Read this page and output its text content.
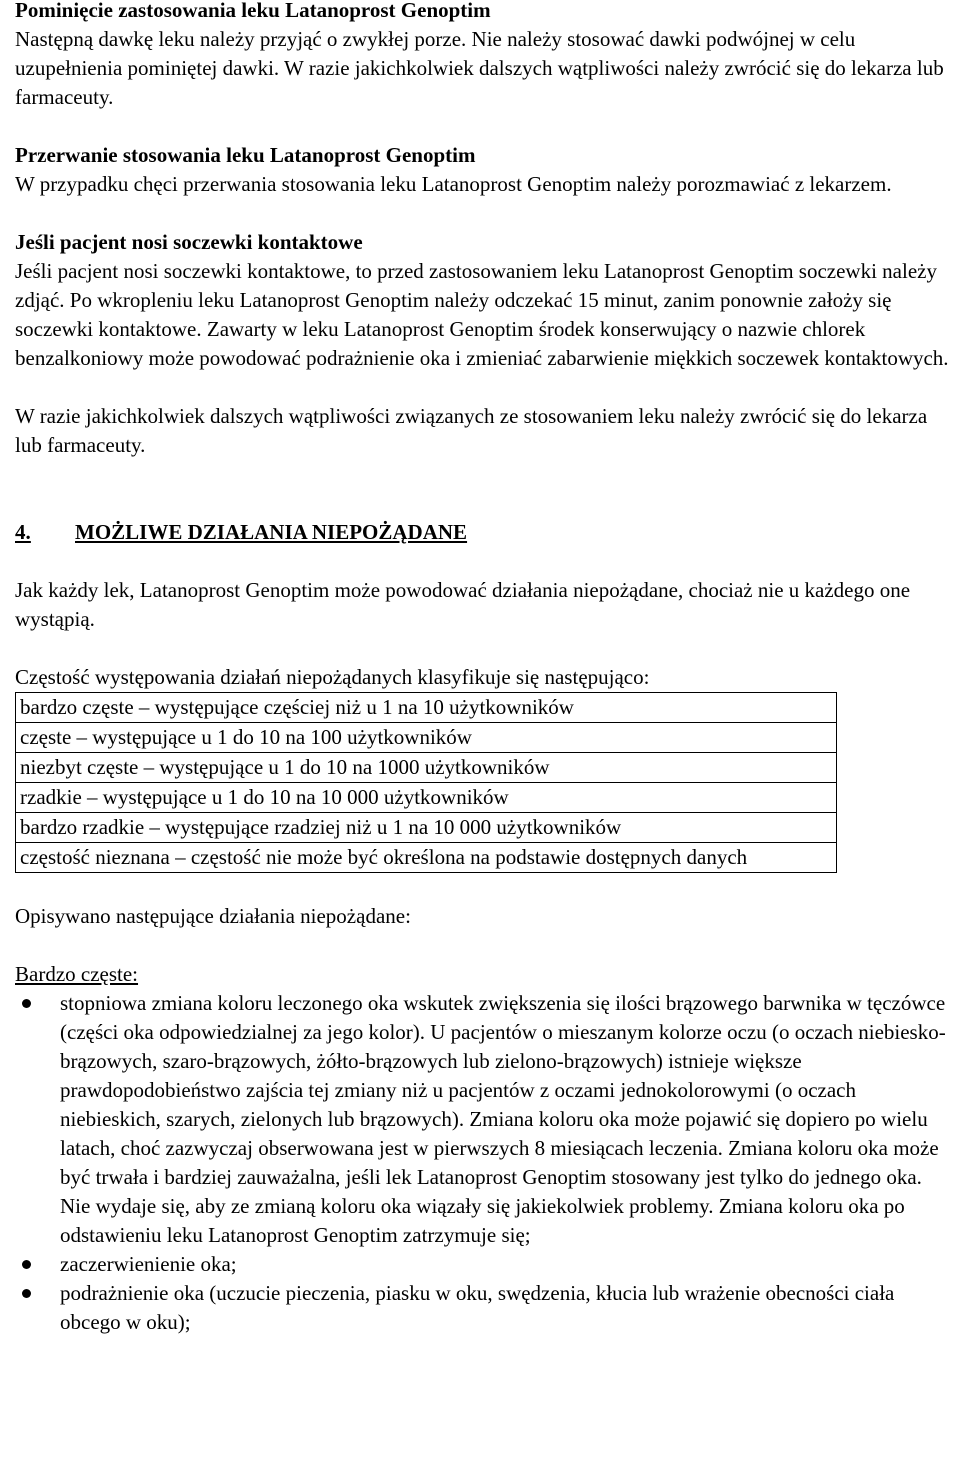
Pominięcie zastosowania leku Latanoprost Genoptim

Następną dawkę leku należy przyjąć o zwykłej porze. Nie należy stosować dawki podwójnej w celu uzupełnienia pominiętej dawki. W razie jakichkolwiek dalszych wątpliwości należy zwrócić się do lekarza lub farmaceuty.

Przerwanie stosowania leku Latanoprost Genoptim

W przypadku chęci przerwania stosowania leku Latanoprost Genoptim należy porozmawiać z lekarzem.

Jeśli pacjent nosi soczewki kontaktowe

Jeśli pacjent nosi soczewki kontaktowe, to przed zastosowaniem leku Latanoprost Genoptim soczewki należy zdjąć. Po wkropleniu leku Latanoprost Genoptim należy odczekać 15 minut, zanim ponownie założy się soczewki kontaktowe. Zawarty w leku Latanoprost Genoptim środek konserwujący o nazwie chlorek benzalkoniowy może powodować podrażnienie oka i zmieniać zabarwienie miękkich soczewek kontaktowych.

W razie jakichkolwiek dalszych wątpliwości związanych ze stosowaniem leku należy zwrócić się do lekarza lub farmaceuty.

4.	MOŻLIWE DZIAŁANIA NIEPOŻĄDANE

Jak każdy lek, Latanoprost Genoptim może powodować działania niepożądane, chociaż nie u każdego one wystąpią.

Częstość występowania działań niepożądanych klasyfikuje się następująco:

bardzo częste – występujące częściej niż u 1 na 10 użytkowników
częste – występujące u 1 do 10 na 100 użytkowników
niezbyt częste – występujące u 1 do 10 na 1000 użytkowników
rzadkie – występujące u 1 do 10 na 10 000 użytkowników
bardzo rzadkie – występujące rzadziej niż u 1 na 10 000 użytkowników
częstość nieznana – częstość nie może być określona na podstawie dostępnych danych

Opisywano następujące działania niepożądane:

Bardzo częste:

stopniowa zmiana koloru leczonego oka wskutek zwiększenia się ilości brązowego barwnika w tęczówce (części oka odpowiedzialnej za jego kolor). U pacjentów o mieszanym kolorze oczu (o oczach niebiesko-brązowych, szaro-brązowych, żółto-brązowych lub zielono-brązowych) istnieje większe prawdopodobieństwo zajścia tej zmiany niż u pacjentów z oczami jednokolorowymi (o oczach niebieskich, szarych, zielonych lub brązowych). Zmiana koloru oka może pojawić się dopiero po wielu latach, choć zazwyczaj obserwowana jest w pierwszych 8 miesiącach leczenia. Zmiana koloru oka może być trwała i bardziej zauważalna, jeśli lek Latanoprost Genoptim stosowany jest tylko do jednego oka. Nie wydaje się, aby ze zmianą koloru oka wiązały się jakiekolwiek problemy. Zmiana koloru oka po odstawieniu leku Latanoprost Genoptim zatrzymuje się;
zaczerwienienie oka;
podrażnienie oka (uczucie pieczenia, piasku w oku, swędzenia, kłucia lub wrażenie obecności ciała obcego w oku);
